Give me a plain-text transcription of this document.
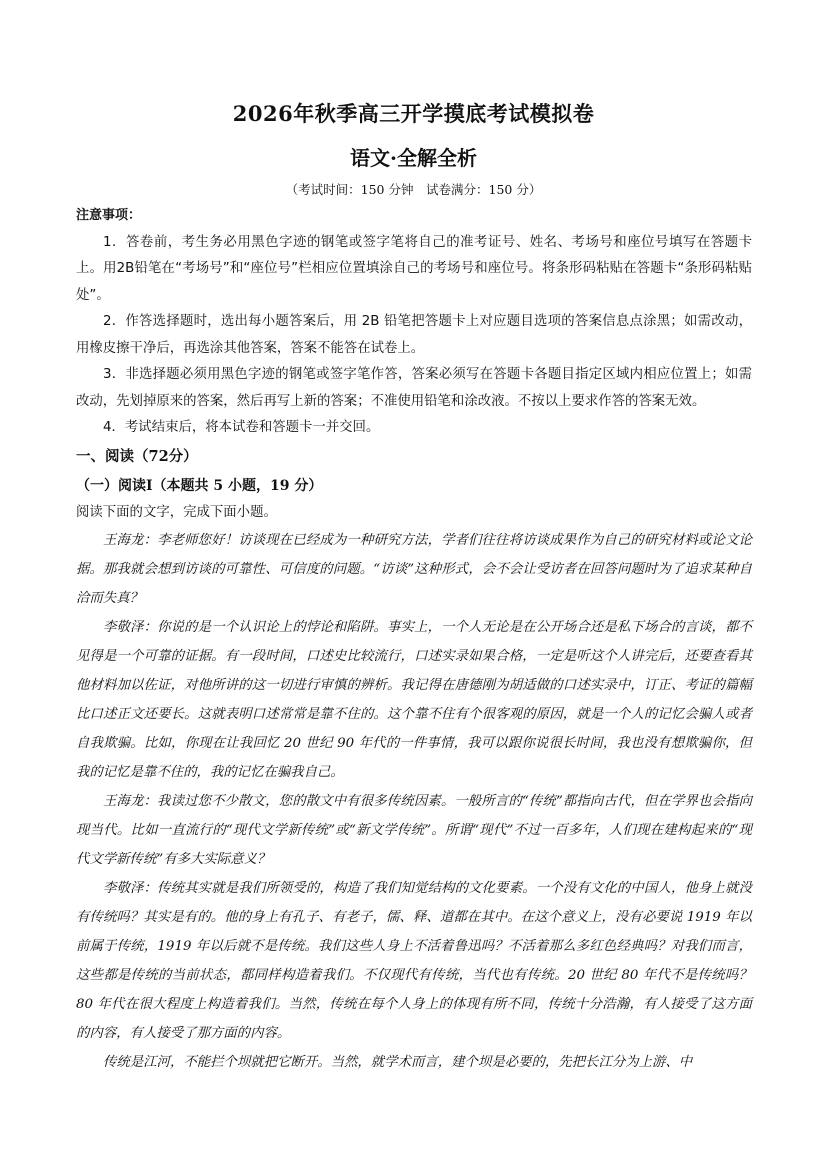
2026年秋季高三开学摸底考试模拟卷
语文·全解全析
（考试时间：150 分钟　试卷满分：150 分）

注意事项：

1．答卷前，考生务必用黑色字迹的钢笔或签字笔将自己的准考证号、姓名、考场号和座位号填写在答题卡上。用2B铅笔在“考场号”和“座位号”栏相应位置填涂自己的考场号和座位号。将条形码粘贴在答题卡“条形码粘贴处”。

2．作答选择题时，选出每小题答案后，用 2B 铅笔把答题卡上对应题目选项的答案信息点涂黑；如需改动，用橡皮擦干净后，再选涂其他答案，答案不能答在试卷上。

3．非选择题必须用黑色字迹的钢笔或签字笔作答，答案必须写在答题卡各题目指定区域内相应位置上；如需改动，先划掉原来的答案，然后再写上新的答案；不准使用铅笔和涂改液。不按以上要求作答的答案无效。

4．考试结束后，将本试卷和答题卡一并交回。

一、阅读（72分）

（一）阅读Ⅰ（本题共 5 小题，19 分）

阅读下面的文字，完成下面小题。

王海龙：李老师您好！访谈现在已经成为一种研究方法，学者们往往将访谈成果作为自己的研究材料或论文论据。那我就会想到访谈的可靠性、可信度的问题。“访谈”这种形式，会不会让受访者在回答问题时为了追求某种自洽而失真？

李敬泽：你说的是一个认识论上的悖论和陷阱。事实上，一个人无论是在公开场合还是私下场合的言谈，都不见得是一个可靠的证据。有一段时间，口述史比较流行，口述实录如果合格，一定是听这个人讲完后，还要查看其他材料加以佐证，对他所讲的这一切进行审慎的辨析。我记得在唐德刚为胡适做的口述实录中，订正、考证的篇幅比口述正文还要长。这就表明口述常常是靠不住的。这个靠不住有个很客观的原因，就是一个人的记忆会骗人或者自我欺骗。比如，你现在让我回忆 20 世纪 90 年代的一件事情，我可以跟你说很长时间，我也没有想欺骗你，但我的记忆是靠不住的，我的记忆在骗我自己。

王海龙：我读过您不少散文，您的散文中有很多传统因素。一般所言的“传统”都指向古代，但在学界也会指向现当代。比如一直流行的“现代文学新传统”或“新文学传统”。所谓“现代”不过一百多年，人们现在建构起来的“现代文学新传统”有多大实际意义？

李敬泽：传统其实就是我们所领受的，构造了我们知觉结构的文化要素。一个没有文化的中国人，他身上就没有传统吗？其实是有的。他的身上有孔子、有老子，儒、释、道都在其中。在这个意义上，没有必要说 1919 年以前属于传统，1919 年以后就不是传统。我们这些人身上不活着鲁迅吗？不活着那么多红色经典吗？对我们而言，这些都是传统的当前状态，都同样构造着我们。不仅现代有传统，当代也有传统。20 世纪 80 年代不是传统吗？80 年代在很大程度上构造着我们。当然，传统在每个人身上的体现有所不同，传统十分浩瀚，有人接受了这方面的内容，有人接受了那方面的内容。

传统是江河，不能拦个坝就把它断开。当然，就学术而言，建个坝是必要的，先把长江分为上游、中
